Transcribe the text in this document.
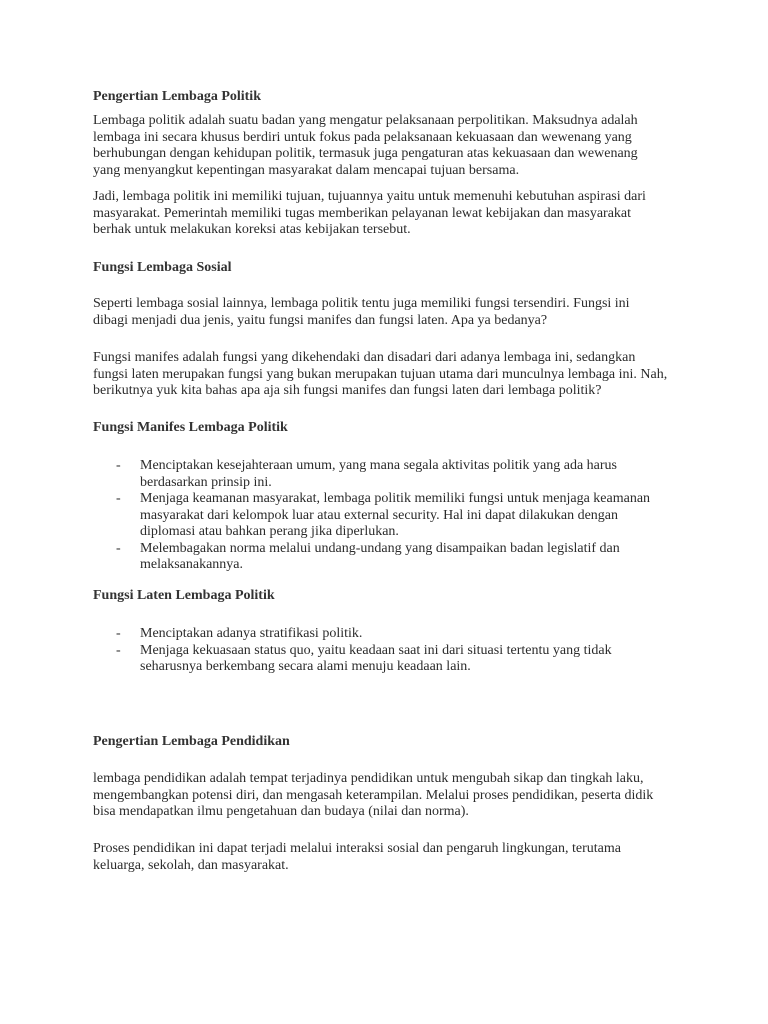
Pengertian Lembaga Politik
Lembaga politik adalah suatu badan yang mengatur pelaksanaan perpolitikan. Maksudnya adalah
lembaga ini secara khusus berdiri untuk fokus pada pelaksanaan kekuasaan dan wewenang yang
berhubungan dengan kehidupan politik, termasuk juga pengaturan atas kekuasaan dan wewenang
yang menyangkut kepentingan masyarakat dalam mencapai tujuan bersama.
Jadi, lembaga politik ini memiliki tujuan, tujuannya yaitu untuk memenuhi kebutuhan aspirasi dari
masyarakat. Pemerintah memiliki tugas memberikan pelayanan lewat kebijakan dan masyarakat
berhak untuk melakukan koreksi atas kebijakan tersebut.
Fungsi Lembaga Sosial
Seperti lembaga sosial lainnya, lembaga politik tentu juga memiliki fungsi tersendiri. Fungsi ini
dibagi menjadi dua jenis, yaitu fungsi manifes dan fungsi laten. Apa ya bedanya?
Fungsi manifes adalah fungsi yang dikehendaki dan disadari dari adanya lembaga ini, sedangkan
fungsi laten merupakan fungsi yang bukan merupakan tujuan utama dari munculnya lembaga ini. Nah,
berikutnya yuk kita bahas apa aja sih fungsi manifes dan fungsi laten dari lembaga politik?
Fungsi Manifes Lembaga Politik
- Menciptakan kesejahteraan umum, yang mana segala aktivitas politik yang ada harus
berdasarkan prinsip ini.
- Menjaga keamanan masyarakat, lembaga politik memiliki fungsi untuk menjaga keamanan
masyarakat dari kelompok luar atau external security. Hal ini dapat dilakukan dengan
diplomasi atau bahkan perang jika diperlukan.
- Melembagakan norma melalui undang-undang yang disampaikan badan legislatif dan
melaksanakannya.
Fungsi Laten Lembaga Politik
- Menciptakan adanya stratifikasi politik.
- Menjaga kekuasaan status quo, yaitu keadaan saat ini dari situasi tertentu yang tidak
seharusnya berkembang secara alami menuju keadaan lain.
Pengertian Lembaga Pendidikan
lembaga pendidikan adalah tempat terjadinya pendidikan untuk mengubah sikap dan tingkah laku,
mengembangkan potensi diri, dan mengasah keterampilan. Melalui proses pendidikan, peserta didik
bisa mendapatkan ilmu pengetahuan dan budaya (nilai dan norma).
Proses pendidikan ini dapat terjadi melalui interaksi sosial dan pengaruh lingkungan, terutama
keluarga, sekolah, dan masyarakat.
